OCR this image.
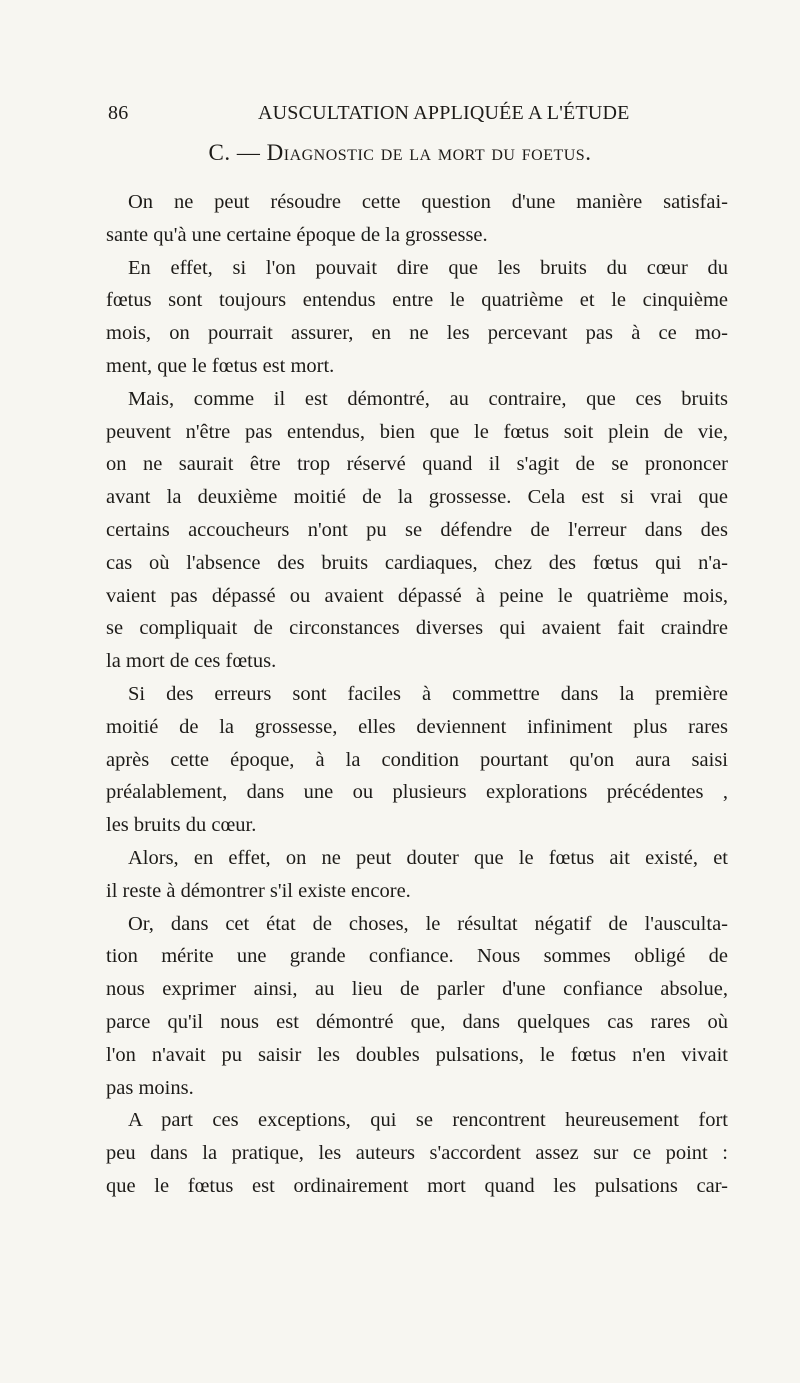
86	AUSCULTATION APPLIQUÉE A L'ÉTUDE
C. — Diagnostic de la mort du foetus.
On ne peut résoudre cette question d'une manière satisfai-
sante qu'à une certaine époque de la grossesse.
En effet, si l'on pouvait dire que les bruits du cœur du
fœtus sont toujours entendus entre le quatrième et le cinquième
mois, on pourrait assurer, en ne les percevant pas à ce mo-
ment, que le fœtus est mort.
Mais, comme il est démontré, au contraire, que ces bruits
peuvent n'être pas entendus, bien que le fœtus soit plein de vie,
on ne saurait être trop réservé quand il s'agit de se prononcer
avant la deuxième moitié de la grossesse. Cela est si vrai que
certains accoucheurs n'ont pu se défendre de l'erreur dans des
cas où l'absence des bruits cardiaques, chez des fœtus qui n'a-
vaient pas dépassé ou avaient dépassé à peine le quatrième mois,
se compliquait de circonstances diverses qui avaient fait craindre
la mort de ces fœtus.
Si des erreurs sont faciles à commettre dans la première
moitié de la grossesse, elles deviennent infiniment plus rares
après cette époque, à la condition pourtant qu'on aura saisi
préalablement, dans une ou plusieurs explorations précédentes ,
les bruits du cœur.
Alors, en effet, on ne peut douter que le fœtus ait existé, et
il reste à démontrer s'il existe encore.
Or, dans cet état de choses, le résultat négatif de l'ausculta-
tion mérite une grande confiance. Nous sommes obligé de
nous exprimer ainsi, au lieu de parler d'une confiance absolue,
parce qu'il nous est démontré que, dans quelques cas rares où
l'on n'avait pu saisir les doubles pulsations, le fœtus n'en vivait
pas moins.
A part ces exceptions, qui se rencontrent heureusement fort
peu dans la pratique, les auteurs s'accordent assez sur ce point :
que le fœtus est ordinairement mort quand les pulsations car-
